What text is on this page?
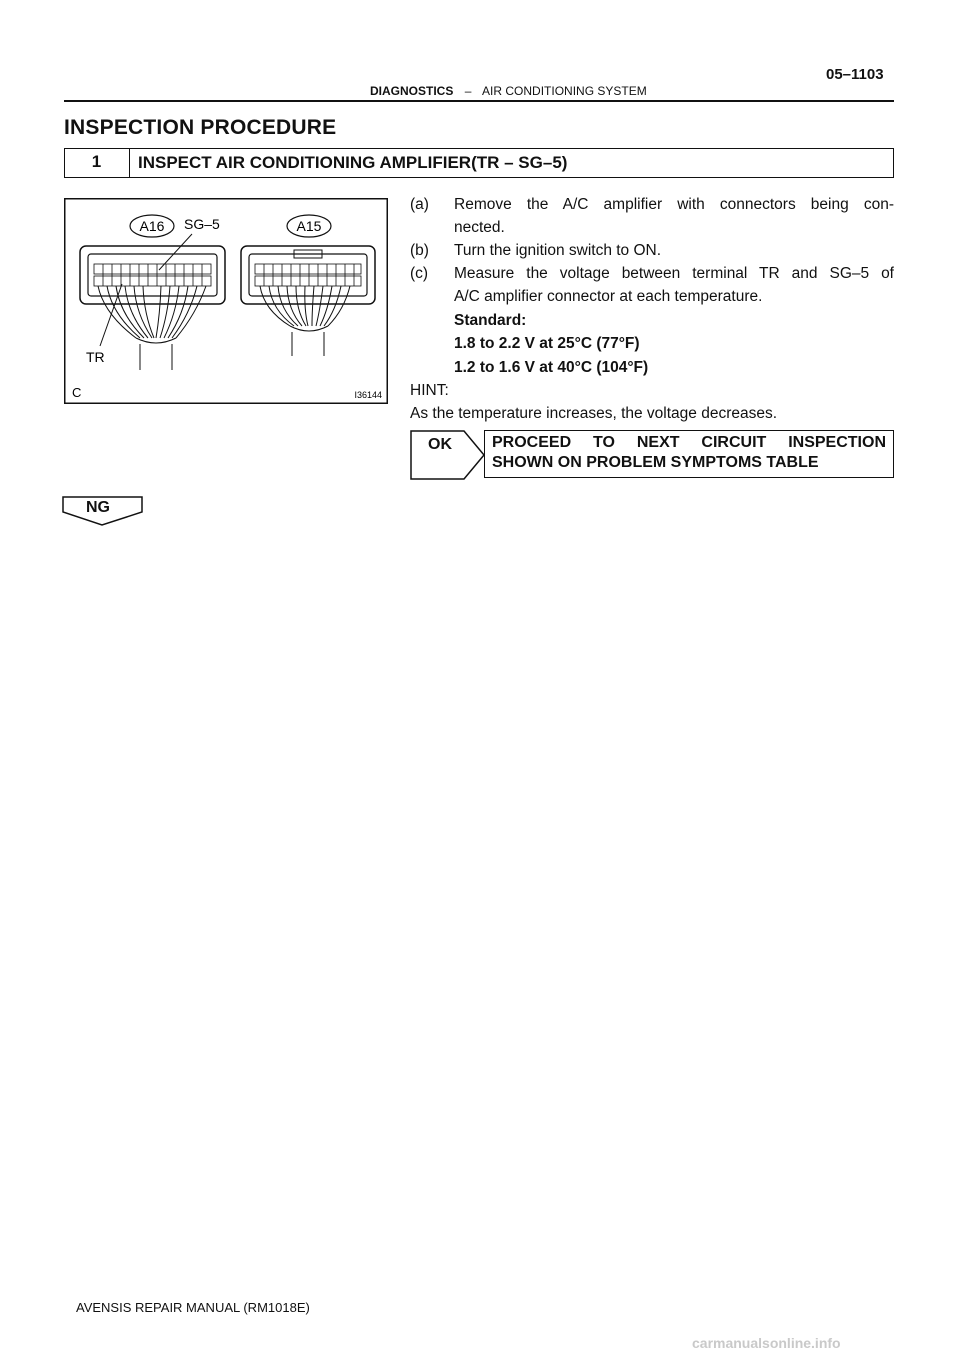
05–1103
DIAGNOSTICS – AIR CONDITIONING SYSTEM
INSPECTION PROCEDURE
1	INSPECT AIR CONDITIONING AMPLIFIER(TR – SG–5)
A16	A15
SG–5
TR
C	I36144
(a) Remove the A/C amplifier with connectors being con-
nected.
(b) Turn the ignition switch to ON.
(c) Measure the voltage between terminal TR and SG–5 of
A/C amplifier connector at each temperature.
Standard:
1.8 to 2.2 V at 25°C (77°F)
1.2 to 1.6 V at 40°C (104°F)
HINT:
As the temperature increases, the voltage decreases.
OK	PROCEED TO NEXT CIRCUIT INSPECTION
SHOWN ON PROBLEM SYMPTOMS TABLE
NG
AVENSIS REPAIR MANUAL (RM1018E)
carmanualsonline.info
